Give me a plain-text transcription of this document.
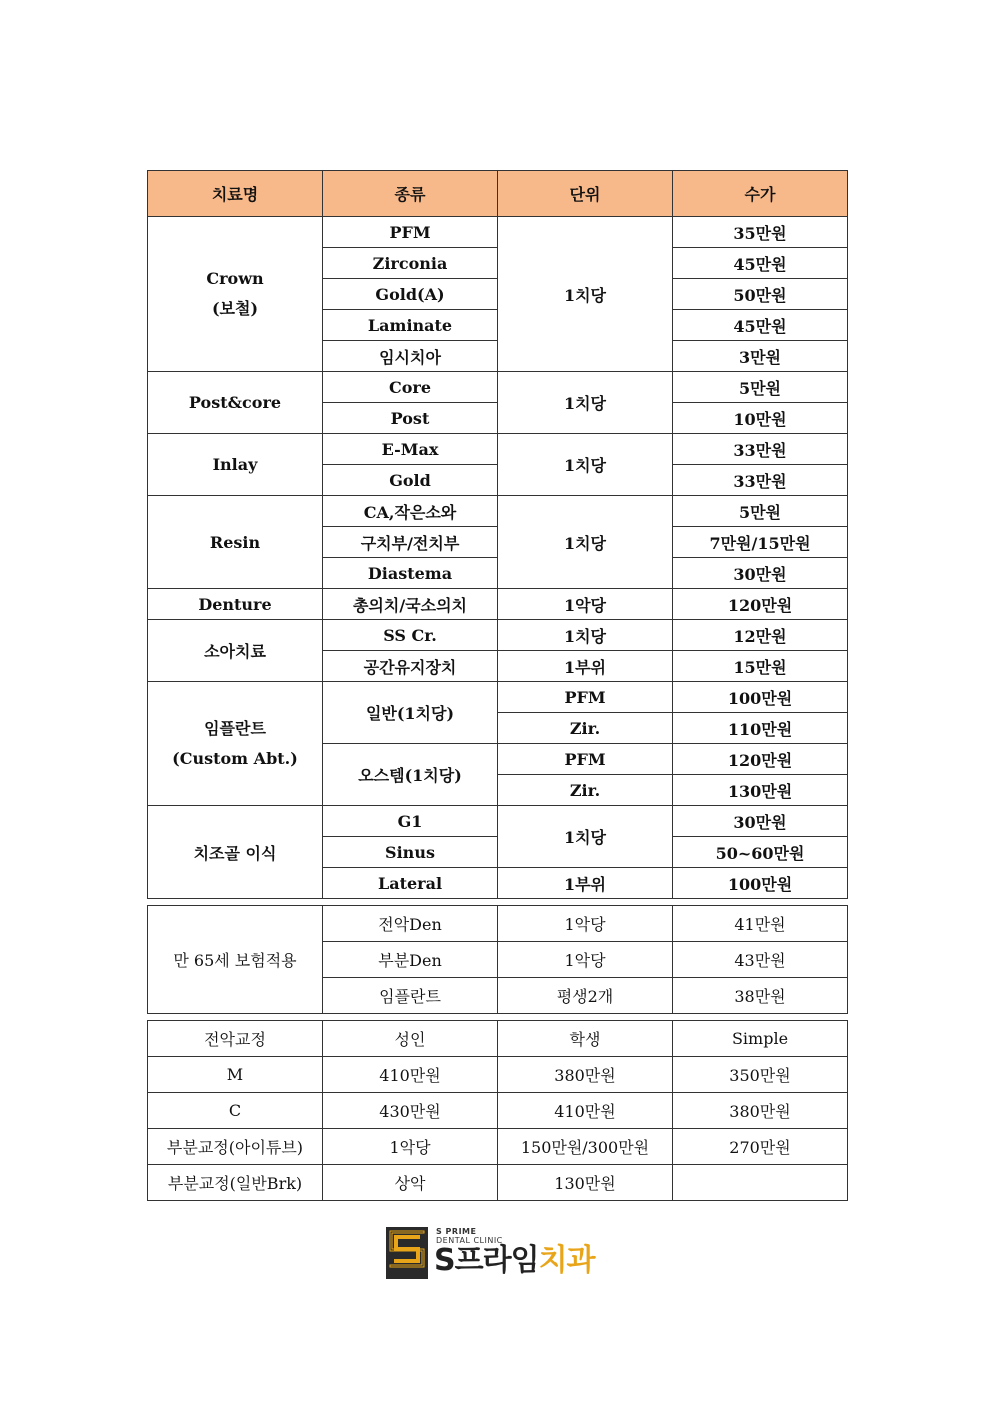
치료명	종류	단위	수가
Crown
(보철)	PFM	1치당	35만원
	Zirconia		45만원
	Gold(A)		50만원
	Laminate		45만원
	임시치아		3만원
Post&core	Core	1치당	5만원
	Post		10만원
Inlay	E-Max	1치당	33만원
	Gold		33만원
Resin	CA,작은소와	1치당	5만원
	구치부/전치부		7만원/15만원
	Diastema		30만원
Denture	총의치/국소의치	1악당	120만원
소아치료	SS Cr.	1치당	12만원
	공간유지장치	1부위	15만원
임플란트
(Custom Abt.)	일반(1치당)	PFM	100만원
		Zir.	110만원
	오스템(1치당)	PFM	120만원
		Zir.	130만원
치조골 이식	G1	1치당	30만원
	Sinus		50~60만원
	Lateral	1부위	100만원
만 65세 보험적용	전악Den	1악당	41만원
	부분Den	1악당	43만원
	임플란트	평생2개	38만원
전악교정	성인	학생	Simple
M	410만원	380만원	350만원
C	430만원	410만원	380만원
부분교정(아이튜브)	1악당	150만원/300만원	270만원
부분교정(일반Brk)	상악	130만원	
S PRIME
DENTAL CLINIC
S프라임치과
